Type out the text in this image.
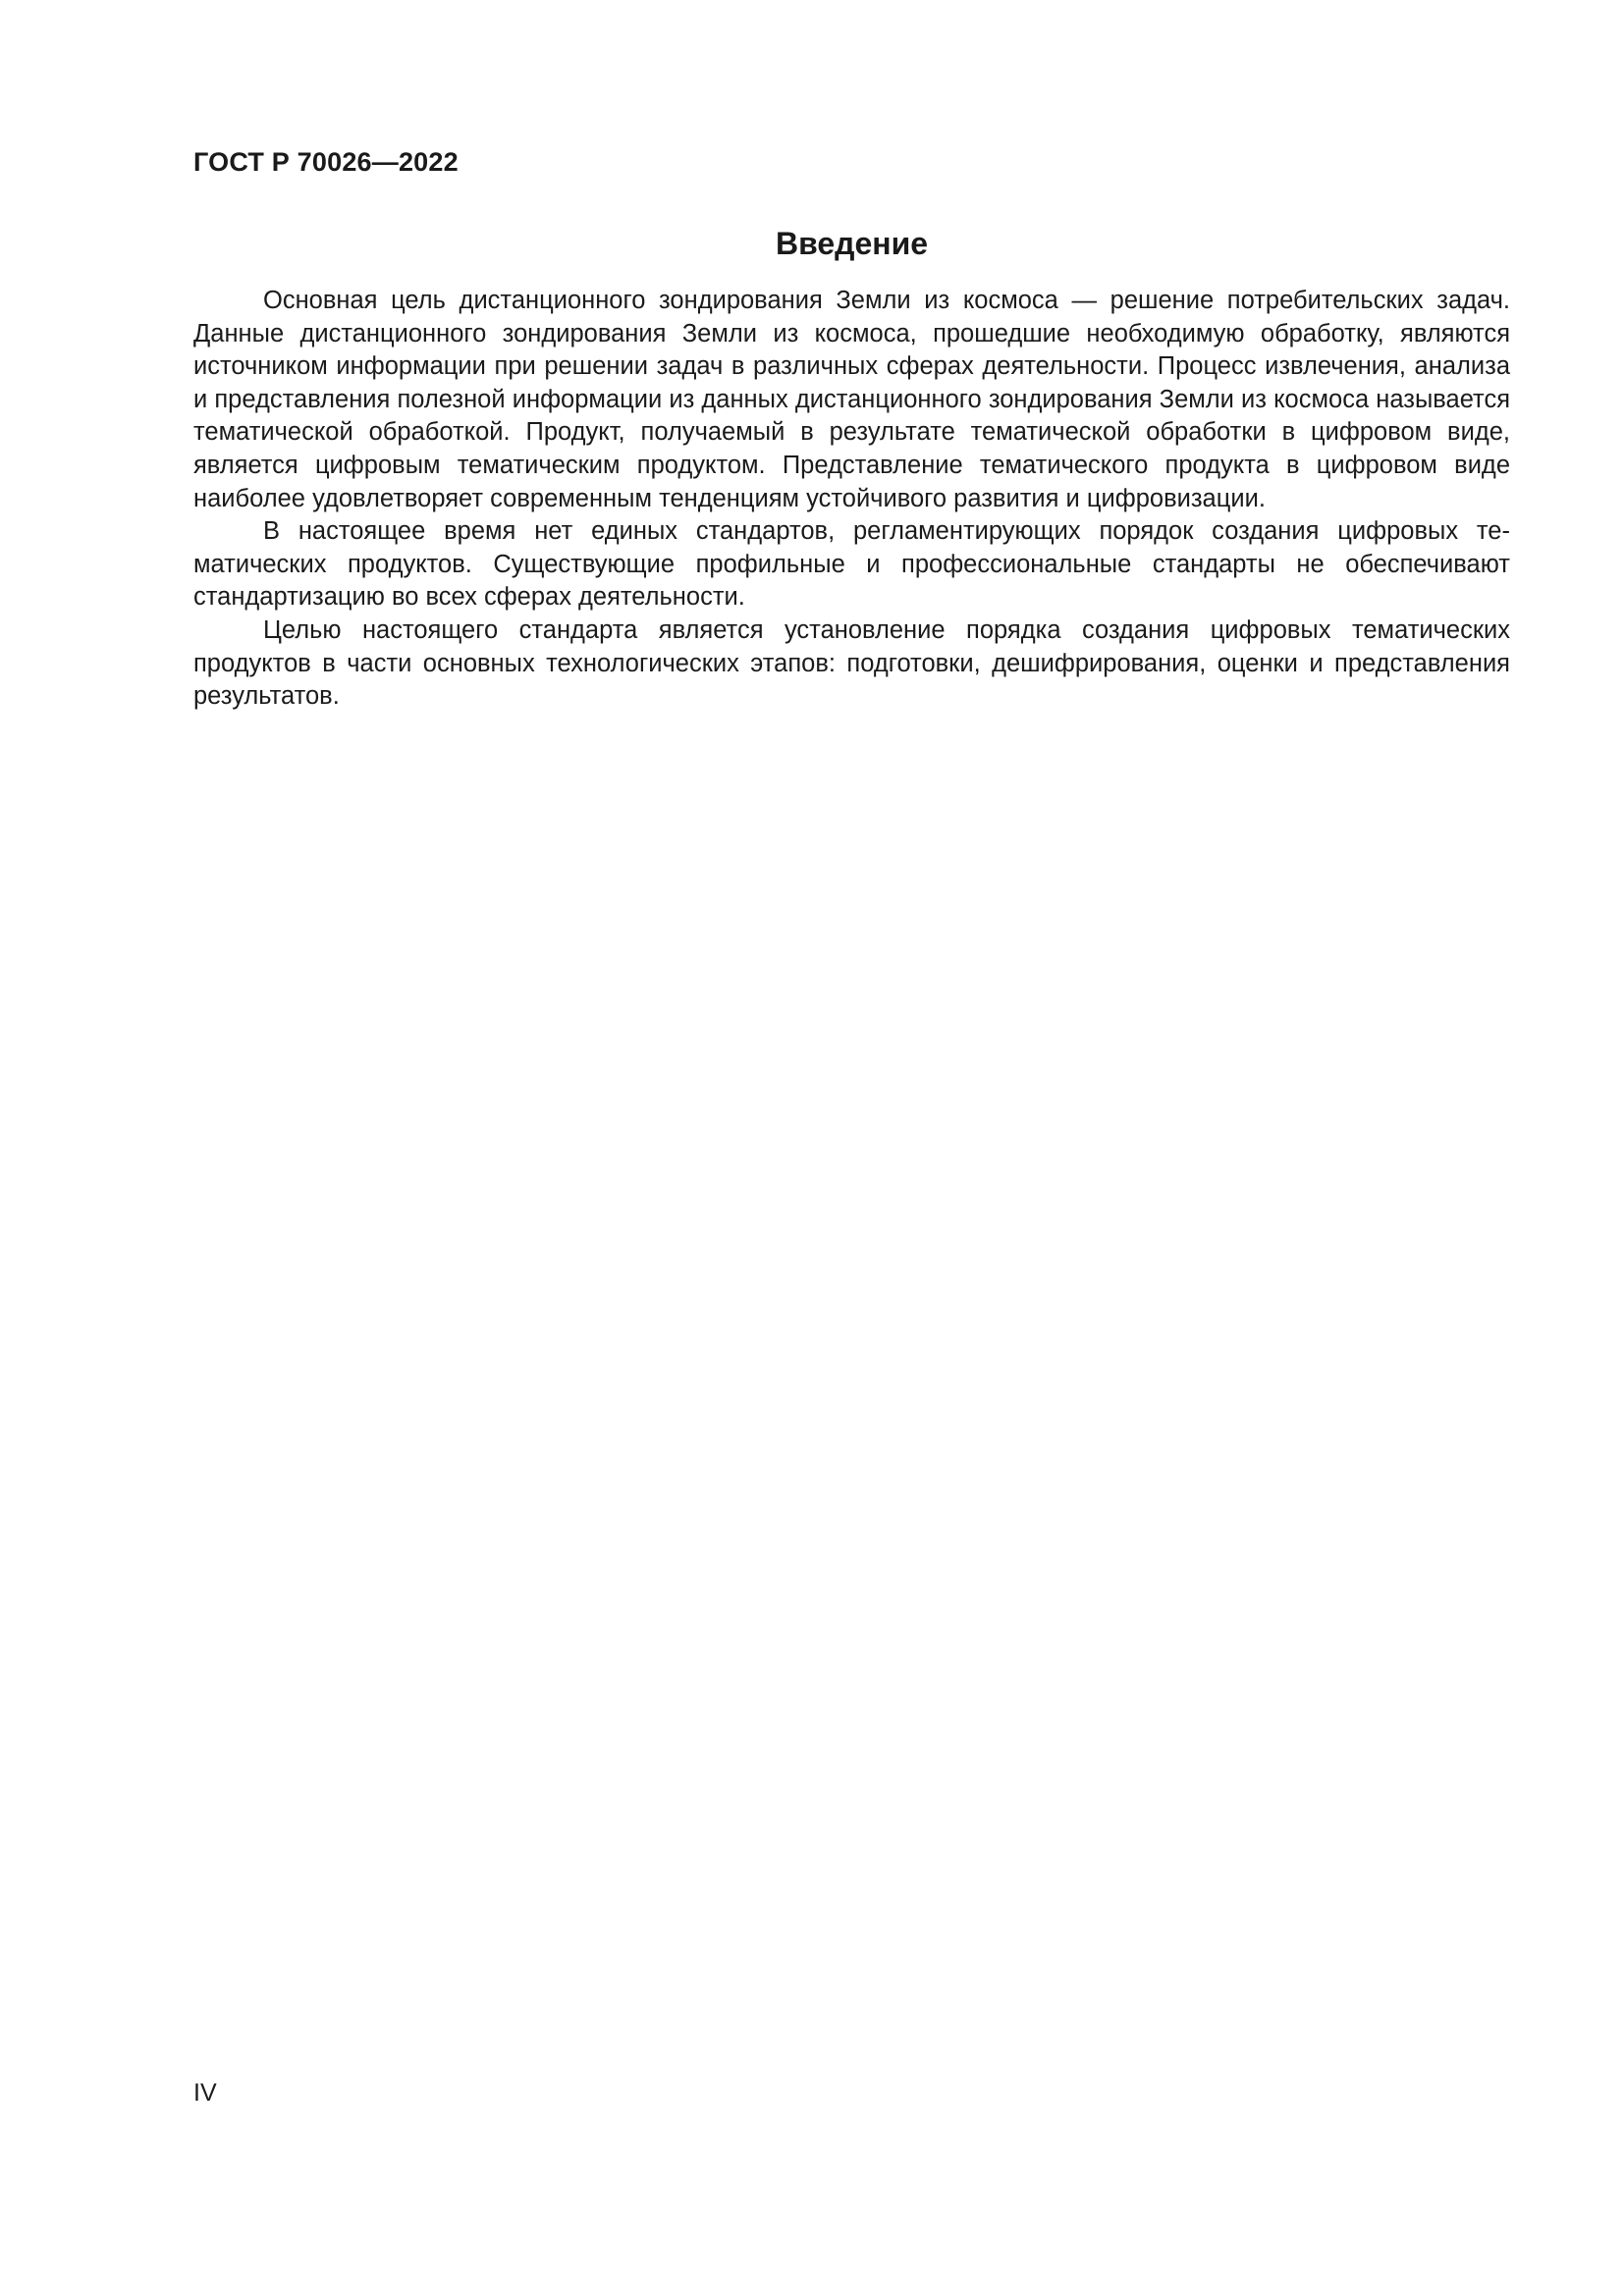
ГОСТ Р 70026—2022
Введение

Основная цель дистанционного зондирования Земли из космоса — решение потребительских задач. Данные дистанционного зондирования Земли из космоса, прошедшие необходимую обработку, являются источником информации при решении задач в различных сферах деятельности. Процесс извлечения, анализа и представления полезной информации из данных дистанционного зондирования Земли из космоса называется тематической обработкой. Продукт, получаемый в результате тематической обработки в цифровом виде, является цифровым тематическим продуктом. Представление тематического продукта в цифровом виде наиболее удовлетворяет современным тенденциям устойчивого развития и цифровизации.

В настоящее время нет единых стандартов, регламентирующих порядок создания цифровых тематических продуктов. Существующие профильные и профессиональные стандарты не обеспечивают стандартизацию во всех сферах деятельности.

Целью настоящего стандарта является установление порядка создания цифровых тематических продуктов в части основных технологических этапов: подготовки, дешифрирования, оценки и представления результатов.

IV
